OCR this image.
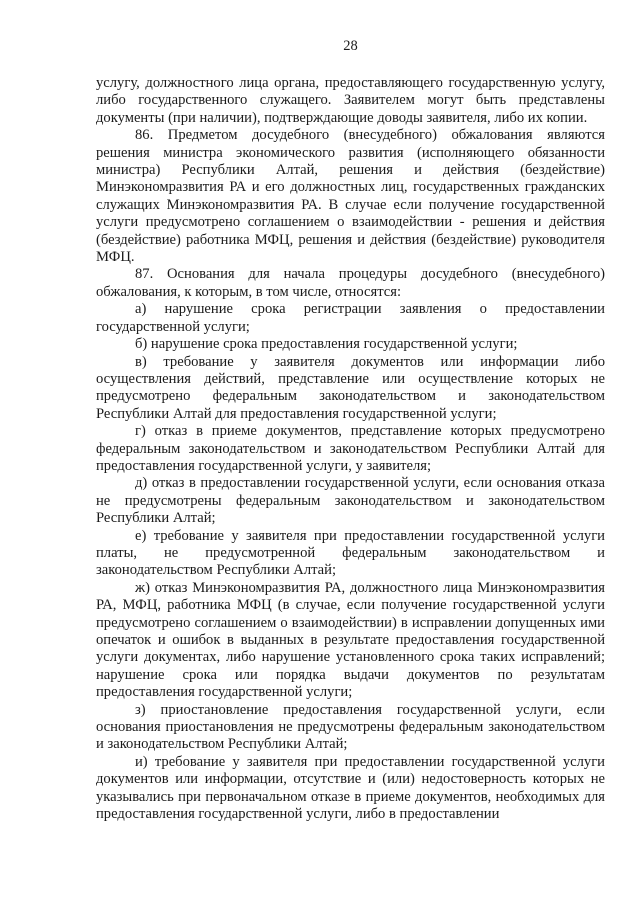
28

услугу, должностного лица органа, предоставляющего государственную услугу, либо государственного служащего. Заявителем могут быть представлены документы (при наличии), подтверждающие доводы заявителя, либо их копии.

86. Предметом досудебного (внесудебного) обжалования являются решения министра экономического развития (исполняющего обязанности министра) Республики Алтай, решения и действия (бездействие) Минэкономразвития РА и его должностных лиц, государственных гражданских служащих Минэкономразвития РА. В случае если получение государственной услуги предусмотрено соглашением о взаимодействии - решения и действия (бездействие) работника МФЦ, решения и действия (бездействие) руководителя МФЦ.

87. Основания для начала процедуры досудебного (внесудебного) обжалования, к которым, в том числе, относятся:

а) нарушение срока регистрации заявления о предоставлении государственной услуги;

б) нарушение срока предоставления государственной услуги;

в) требование у заявителя документов или информации либо осуществления действий, представление или осуществление которых не предусмотрено федеральным законодательством и законодательством Республики Алтай для предоставления государственной услуги;

г) отказ в приеме документов, представление которых предусмотрено федеральным законодательством и законодательством Республики Алтай для предоставления государственной услуги, у заявителя;

д) отказ в предоставлении государственной услуги, если основания отказа не предусмотрены федеральным законодательством и законодательством Республики Алтай;

е) требование у заявителя при предоставлении государственной услуги платы, не предусмотренной федеральным законодательством и законодательством Республики Алтай;

ж) отказ Минэкономразвития РА, должностного лица Минэкономразвития РА, МФЦ, работника МФЦ (в случае, если получение государственной услуги предусмотрено соглашением о взаимодействии) в исправлении допущенных ими опечаток и ошибок в выданных в результате предоставления государственной услуги документах, либо нарушение установленного срока таких исправлений; нарушение срока или порядка выдачи документов по результатам предоставления государственной услуги;

з) приостановление предоставления государственной услуги, если основания приостановления не предусмотрены федеральным законодательством и законодательством Республики Алтай;

и) требование у заявителя при предоставлении государственной услуги документов или информации, отсутствие и (или) недостоверность которых не указывались при первоначальном отказе в приеме документов, необходимых для предоставления государственной услуги, либо в предоставлении
